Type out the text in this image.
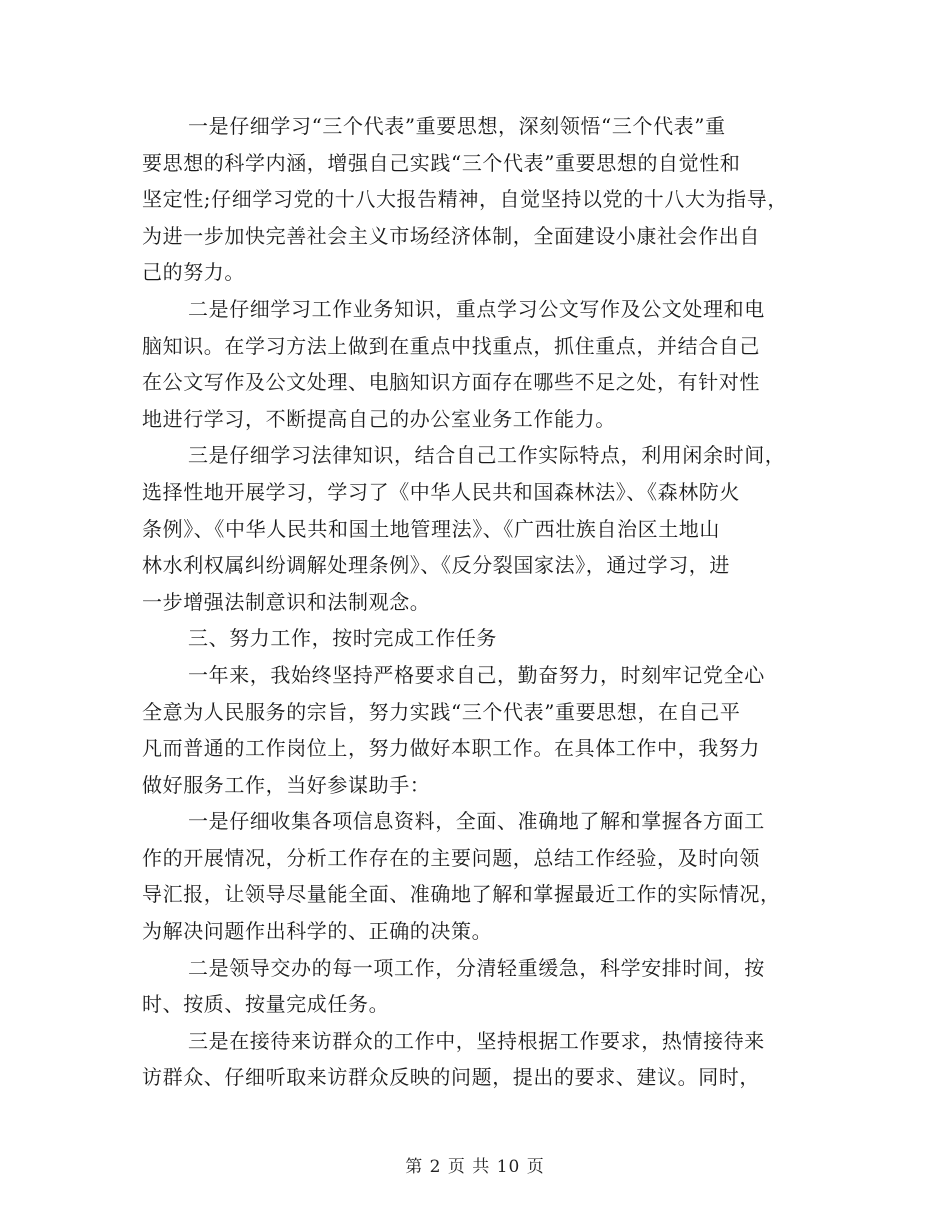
一是仔细学习“三个代表”重要思想，深刻领悟“三个代表”重
要思想的科学内涵，增强自己实践“三个代表”重要思想的自觉性和
坚定性;仔细学习党的十八大报告精神，自觉坚持以党的十八大为指导，
为进一步加快完善社会主义市场经济体制，全面建设小康社会作出自
己的努力。
二是仔细学习工作业务知识，重点学习公文写作及公文处理和电
脑知识。在学习方法上做到在重点中找重点，抓住重点，并结合自己
在公文写作及公文处理、电脑知识方面存在哪些不足之处，有针对性
地进行学习，不断提高自己的办公室业务工作能力。
三是仔细学习法律知识，结合自己工作实际特点，利用闲余时间，
选择性地开展学习，学习了《中华人民共和国森林法》、《森林防火
条例》、《中华人民共和国土地管理法》、《广西壮族自治区土地山
林水利权属纠纷调解处理条例》、《反分裂国家法》，通过学习，进
一步增强法制意识和法制观念。
三、努力工作，按时完成工作任务
一年来，我始终坚持严格要求自己，勤奋努力，时刻牢记党全心
全意为人民服务的宗旨，努力实践“三个代表”重要思想，在自己平
凡而普通的工作岗位上，努力做好本职工作。在具体工作中，我努力
做好服务工作，当好参谋助手：
一是仔细收集各项信息资料，全面、准确地了解和掌握各方面工
作的开展情况，分析工作存在的主要问题，总结工作经验，及时向领
导汇报，让领导尽量能全面、准确地了解和掌握最近工作的实际情况，
为解决问题作出科学的、正确的决策。
二是领导交办的每一项工作，分清轻重缓急，科学安排时间，按
时、按质、按量完成任务。
三是在接待来访群众的工作中，坚持根据工作要求，热情接待来
访群众、仔细听取来访群众反映的问题，提出的要求、建议。同时，
第 2 页 共 10 页
